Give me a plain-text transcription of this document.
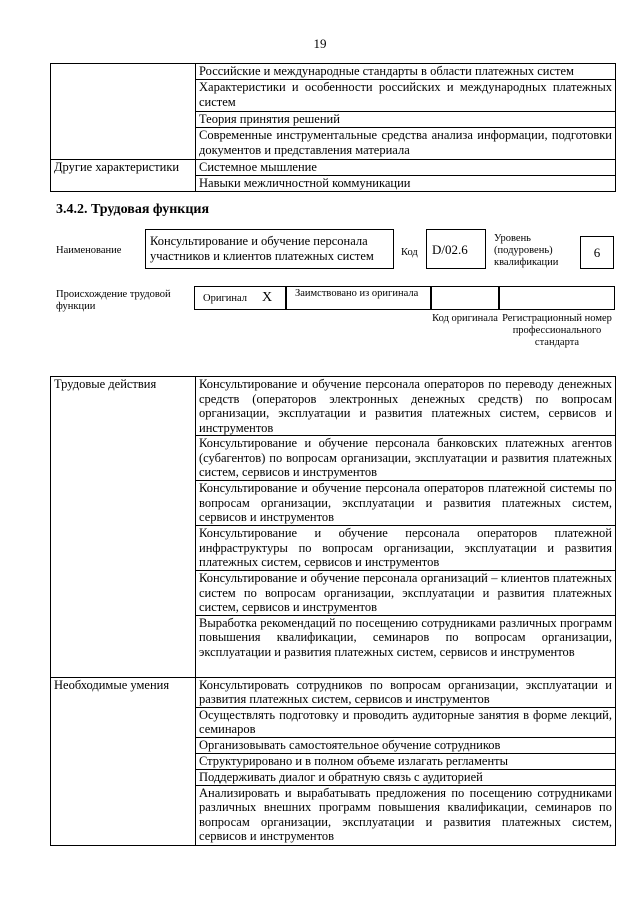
19

	Российские и международные стандарты в области платежных систем

	Характеристики и особенности российских и международных платежных систем

	Теория принятия решений

	Современные инструментальные средства анализа информации, подготовки документов и представления материала

Другие характеристики	Системное мышление

	Навыки межличностной коммуникации
3.4.2. Трудовая функция
Наименование
Консультирование и обучение персонала участников и клиентов платежных систем	Код	D/02.6
Уровень (подуровень) квалификации
6
Происхождение трудовой функции
Оригинал X Заимствовано из оригинала
Код оригинала Регистрационный номер профессионального стандарта
Трудовые действия	Консультирование и обучение персонала операторов по переводу денежных средств (операторов электронных денежных средств) по вопросам организации, эксплуатации и развития платежных систем, сервисов и инструментов

	Консультирование и обучение персонала банковских платежных агентов (субагентов) по вопросам организации, эксплуатации и развития платежных систем, сервисов и инструментов

	Консультирование и обучение персонала операторов платежной системы по вопросам организации, эксплуатации и развития платежных систем, сервисов и инструментов

	Консультирование и обучение персонала операторов платежной инфраструктуры по вопросам организации, эксплуатации и развития платежных систем, сервисов и инструментов

	Консультирование и обучение персонала организаций – клиентов платежных систем по вопросам организации, эксплуатации и развития платежных систем, сервисов и инструментов

	Выработка рекомендаций по посещению сотрудниками различных программ повышения квалификации, семинаров по вопросам организации, эксплуатации и развития платежных систем, сервисов и инструментов

Необходимые умения	Консультировать сотрудников по вопросам организации, эксплуатации и развития платежных систем, сервисов и инструментов

	Осуществлять подготовку и проводить аудиторные занятия в форме лекций, семинаров

	Организовывать самостоятельное обучение сотрудников

	Структурировано и в полном объеме излагать регламенты

	Поддерживать диалог и обратную связь с аудиторией

	Анализировать и вырабатывать предложения по посещению сотрудниками различных внешних программ повышения квалификации, семинаров по вопросам организации, эксплуатации и развития платежных систем, сервисов и инструментов
